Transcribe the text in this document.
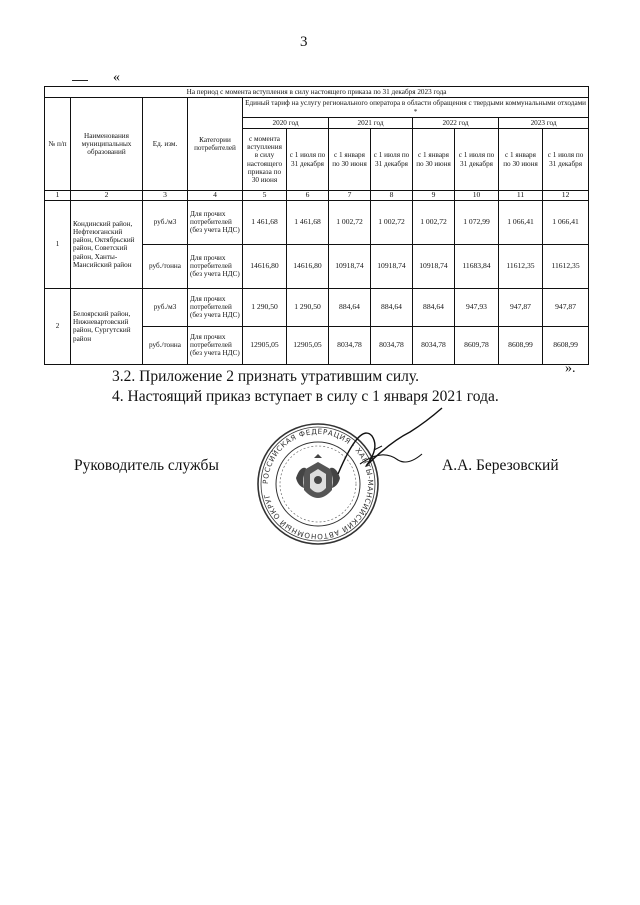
3
«
На период с момента вступления в силу настоящего приказа по 31 декабря 2023 года											
№ п/п	Наименования муниципальных образований	Ед. изм.	Категории потребителей	Единый тариф на услугу регионального оператора в области обращения с твердыми коммунальными отходами *							
				2020 год		2021 год		2022 год		2023 год	
				с момента вступления в силу настоящего приказа по 30 июня	с 1 июля по 31 декабря	с 1 января по 30 июня	с 1 июля по 31 декабря	с 1 января по 30 июня	с 1 июля по 31 декабря	с 1 января по 30 июня	с 1 июля по 31 декабря
1	2	3	4	5	6	7	8	9	10	11	12
1	Кондинский район, Нефтеюганский район, Октябрьский район, Советский район, Ханты-Мансийский район	руб./м3	Для прочих потребителей (без учета НДС)	1 461,68	1 461,68	1 002,72	1 002,72	1 002,72	1 072,99	1 066,41	1 066,41
		руб./тонна	Для прочих потребителей (без учета НДС)	14616,80	14616,80	10918,74	10918,74	10918,74	11683,84	11612,35	11612,35
2	Белоярский район, Нижневартовский район, Сургутский район	руб./м3	Для прочих потребителей (без учета НДС)	1 290,50	1 290,50	884,64	884,64	884,64	947,93	947,87	947,87
		руб./тонна	Для прочих потребителей (без учета НДС)	12905,05	12905,05	8034,78	8034,78	8034,78	8609,78	8608,99	8608,99
».
3.2. Приложение 2 признать утратившим силу.
4. Настоящий приказ вступает в силу с 1 января 2021 года.
РОССИЙСКАЯ ФЕДЕРАЦИЯ · ХАНТЫ-МАНСИЙСКИЙ АВТОНОМНЫЙ ОКРУГ
Руководитель службы	А.А. Березовский
